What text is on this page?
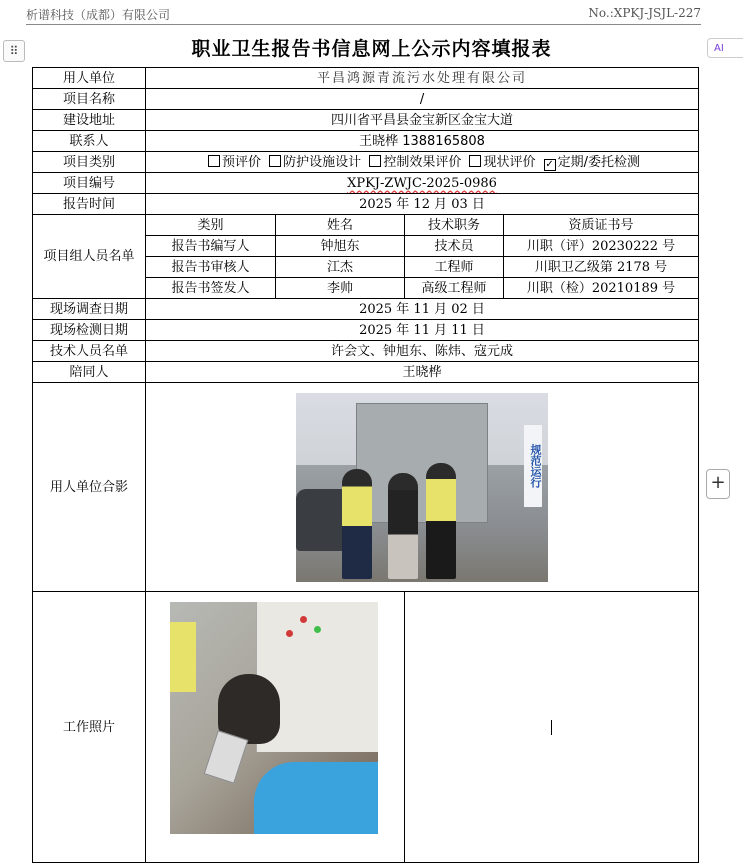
析谱科技（成都）有限公司	No.:XPKJ-JSJL-227
⠿	AI
+
职业卫生报告书信息网上公示内容填报表
用人单位	平昌鸿源青流污水处理有限公司			
项目名称	/			
建设地址	四川省平昌县金宝新区金宝大道			
联系人	王晓桦 1388165808			
项目类别	预评价 防护设施设计 控制效果评价 现状评价 ✓ 定期/委托检测			
项目编号	XPKJ-ZWJC-2025-0986			
报告时间	2025 年 12 月 03 日			
项目组人员名单	类别	姓名	技术职务	资质证书号
	报告书编写人	钟旭东	技术员	川职（评）20230222 号
	报告书审核人	江杰	工程师	川职卫乙级第 2178 号
	报告书签发人	李帅	高级工程师	川职（检）20210189 号
现场调查日期	2025 年 11 月 02 日			
现场检测日期	2025 年 11 月 11 日			
技术人员名单	许会文、钟旭东、陈炜、寇元成			
陪同人	王晓桦			
用人单位合影	规范运行			

工作照片			
